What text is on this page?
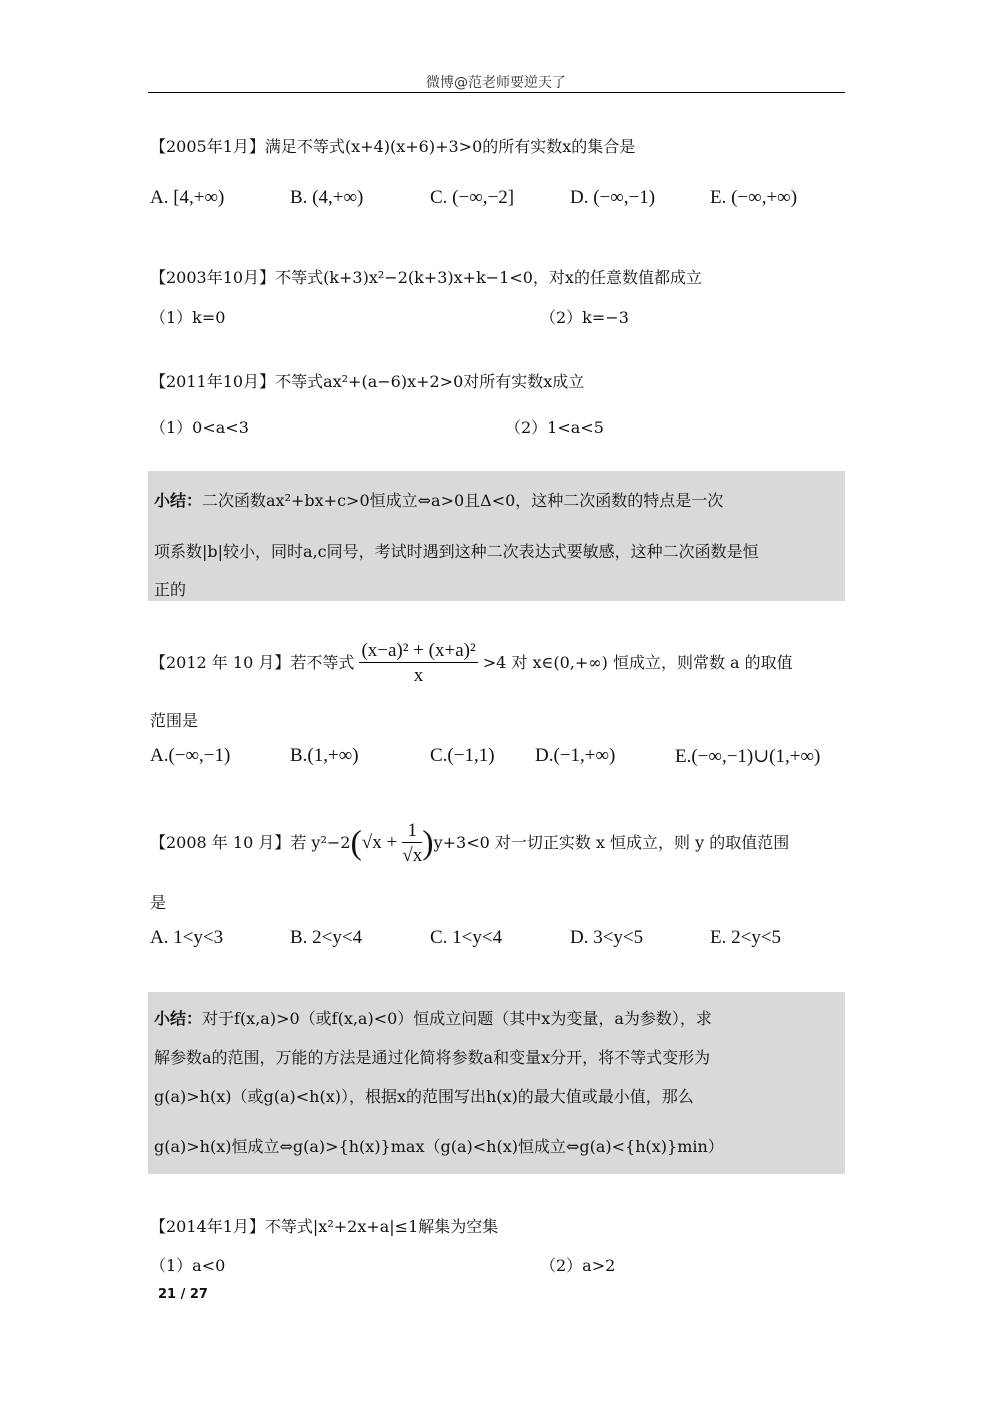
微博@范老师要逆天了
【2005年1月】满足不等式(x+4)(x+6)+3>0的所有实数x的集合是
A. [4,+∞)	B. (4,+∞)	C. (−∞,−2]	D. (−∞,−1)	E. (−∞,+∞)
【2003年10月】不等式(k+3)x²−2(k+3)x+k−1<0，对x的任意数值都成立
（1）k=0	（2）k=−3
【2011年10月】不等式ax²+(a−6)x+2>0对所有实数x成立
（1）0<a<3	（2）1<a<5
小结：二次函数ax²+bx+c>0恒成立⇔a>0且Δ<0，这种二次函数的特点是一次
项系数|b|较小，同时a,c同号，考试时遇到这种二次表达式要敏感，这种二次函数是恒
正的
【2012 年 10 月】若不等式 $\frac{\text{(x−a)² + (x+a)²}}{x} >4$ 对 x∈(0,+∞) 恒成立，则常数 a 的取值
范围是
A.(−∞,−1)	B.(1,+∞)	C.(−1,1) D.(−1,+∞)	E.(−∞,−1)∪(1,+∞)
【2008 年 10 月】若 $y^2-2(√x + \frac{1}{√x} )y+3<0$ 对一切正实数 x 恒成立，则 y 的取值范围
是
A. 1<y<3	B. 2<y<4	C. 1<y<4	D. 3<y<5	E. 2<y<5
小结：对于f(x,a)>0（或f(x,a)<0）恒成立问题（其中x为变量，a为参数），求
解参数a的范围，万能的方法是通过化简将参数a和变量x分开，将不等式变形为
g(a)>h(x)（或g(a)<h(x)），根据x的范围写出h(x)的最大值或最小值，那么
g(a)>h(x)恒成立⇔g(a)>{h(x)}max（g(a)<h(x)恒成立⇔g(a)<{h(x)}min）
【2014年1月】不等式|x²+2x+a|≤1解集为空集
（1）a<0	（2）a>2
21 / 27
